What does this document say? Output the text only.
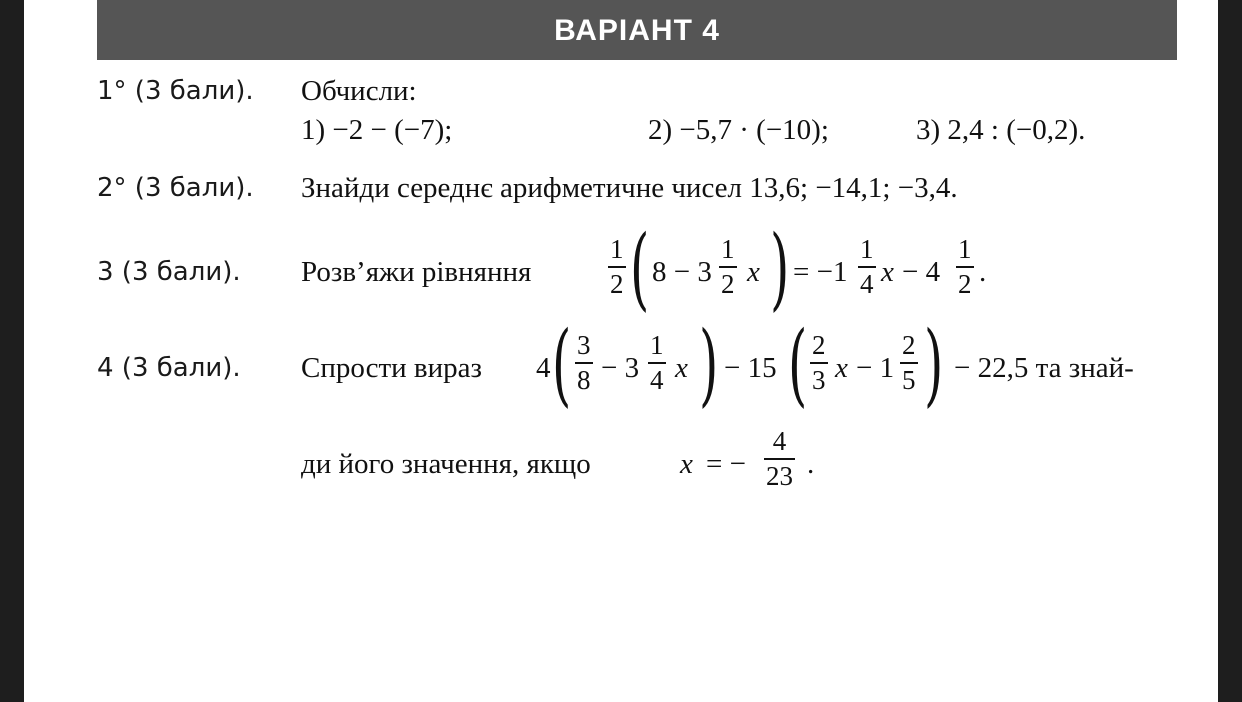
ВАРІАНТ 4
1° (3 бали). Обчисли:
1) −2 − (−7);	2) −5,7 · (−10);	3) 2,4 : (−0,2).
2° (3 бали). Знайди середнє арифметичне чисел 13,6; −14,1; −3,4.
3 (3 бали). Розв’яжи рівняння
1
2 ( 8 − 3
1
2 x ) = −1
1
4 x − 4
1
2 .
4 (3 бали). Спрости вираз 4 ( 3
8 − 3
1
4 x ) − 15 ( 2
3 x − 1
2
5 ) − 22,5 та знай-
ди його значення, якщо	x = −
4
23 .
